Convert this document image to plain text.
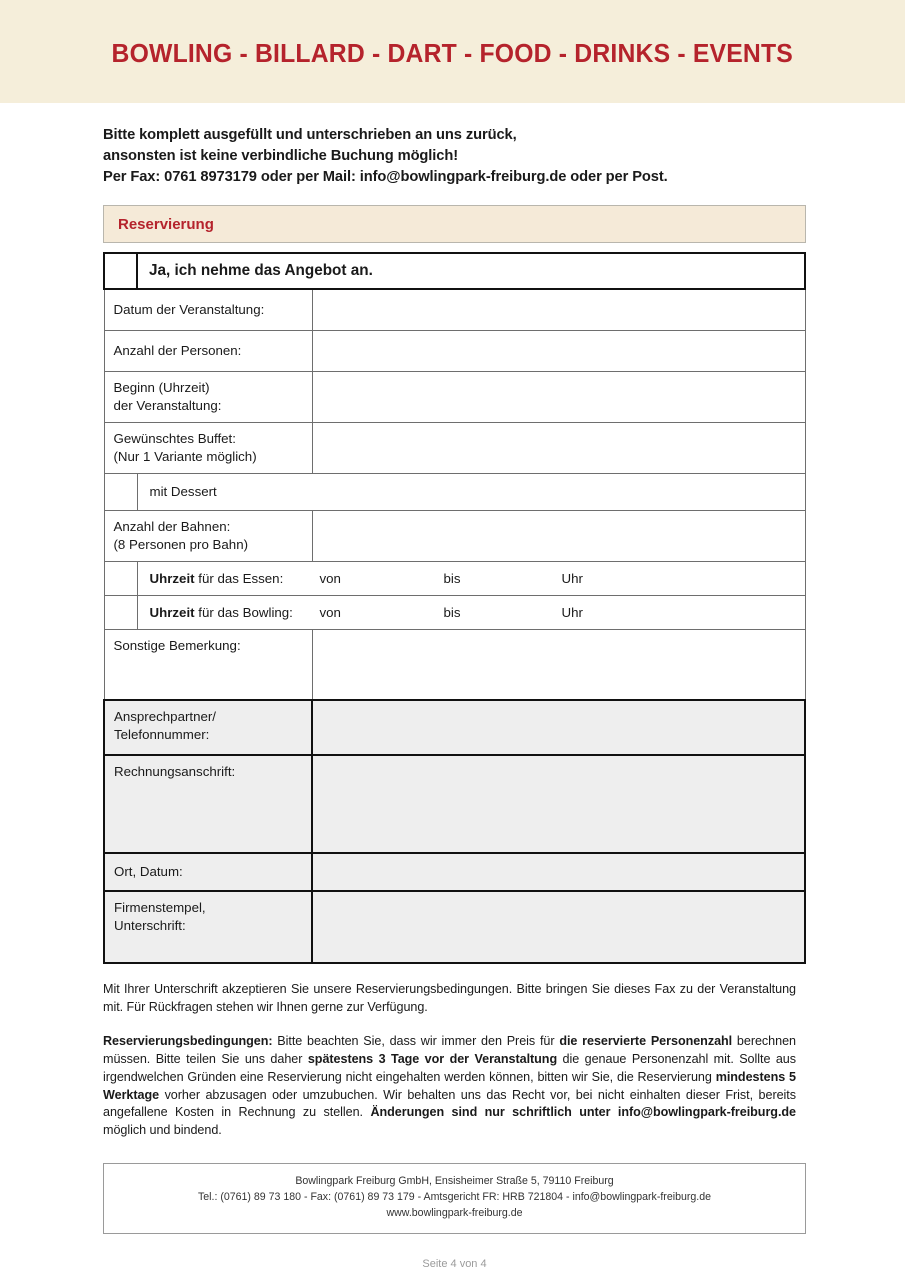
BOWLING - BILLARD - DART - FOOD - DRINKS - EVENTS
Bitte komplett ausgefüllt und unterschrieben an uns zurück,
ansonsten ist keine verbindliche Buchung möglich!
Per Fax: 0761 8973179 oder per Mail: info@bowlingpark-freiburg.de oder per Post.
Reservierung

	Ja, ich nehme das Angebot an.	

Datum der Veranstaltung:		

Anzahl der Personen:		

Beginn (Uhrzeit)
der Veranstaltung:		

Gewünschtes Buffet:
(Nur 1 Variante möglich)		

mit Dessert	

Anzahl der Bahnen:
(8 Personen pro Bahn)		

	Uhrzeit für das Essen: von bis Uhr	

	Uhrzeit für das Bowling: von bis Uhr	

Sonstige Bemerkung:		

Ansprechpartner/
Telefonnummer:		

Rechnungsanschrift:		

Ort, Datum:		

Firmenstempel,
Unterschrift:		

Mit Ihrer Unterschrift akzeptieren Sie unsere Reservierungsbedingungen. Bitte bringen Sie dieses Fax zu der Veranstaltung mit. Für Rückfragen stehen wir Ihnen gerne zur Verfügung.
Reservierungsbedingungen: Bitte beachten Sie, dass wir immer den Preis für die reservierte Personenzahl berechnen müssen. Bitte teilen Sie uns daher spätestens 3 Tage vor der Veranstaltung die genaue Personenzahl mit. Sollte aus irgendwelchen Gründen eine Reservierung nicht eingehalten werden können, bitten wir Sie, die Reservierung mindestens 5 Werktage vorher abzusagen oder umzubuchen. Wir behalten uns das Recht vor, bei nicht einhalten dieser Frist, bereits angefallene Kosten in Rechnung zu stellen. Änderungen sind nur schriftlich unter info@bowlingpark-freiburg.de möglich und bindend.
Bowlingpark Freiburg GmbH, Ensisheimer Straße 5, 79110 Freiburg
Tel.: (0761) 89 73 180 - Fax: (0761) 89 73 179 - Amtsgericht FR: HRB 721804 - info@bowlingpark-freiburg.de
www.bowlingpark-freiburg.de
Seite 4 von 4
